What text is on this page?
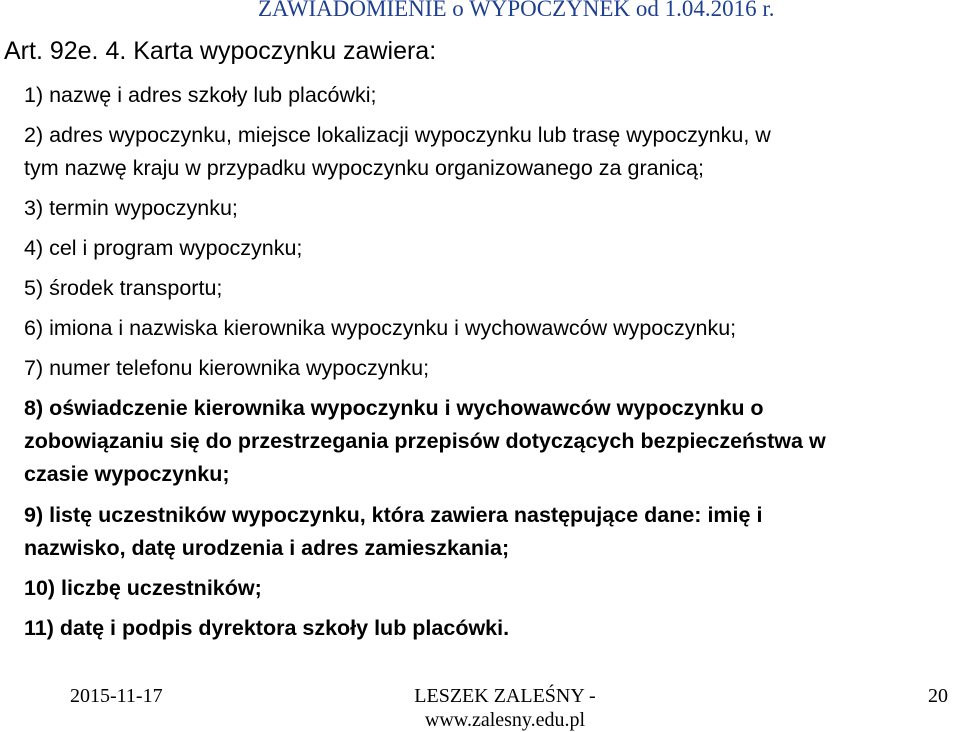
ZAWIADOMIENIE o WYPOCZYNEK od 1.04.2016 r.
Art. 92e. 4. Karta wypoczynku zawiera:
1) nazwę i adres szkoły lub placówki;
2) adres wypoczynku, miejsce lokalizacji wypoczynku lub trasę wypoczynku, w
tym nazwę kraju w przypadku wypoczynku organizowanego za granicą;
3) termin wypoczynku;
4) cel i program wypoczynku;
5) środek transportu;
6) imiona i nazwiska kierownika wypoczynku i wychowawców wypoczynku;
7) numer telefonu kierownika wypoczynku;
8) oświadczenie kierownika wypoczynku i wychowawców wypoczynku o
zobowiązaniu się do przestrzegania przepisów dotyczących bezpieczeństwa w
czasie wypoczynku;
9) listę uczestników wypoczynku, która zawiera następujące dane: imię i
nazwisko, datę urodzenia i adres zamieszkania;
10) liczbę uczestników;
11) datę i podpis dyrektora szkoły lub placówki.
2015-11-17	LESZEK ZALEŚNY -
www.zalesny.edu.pl
20
